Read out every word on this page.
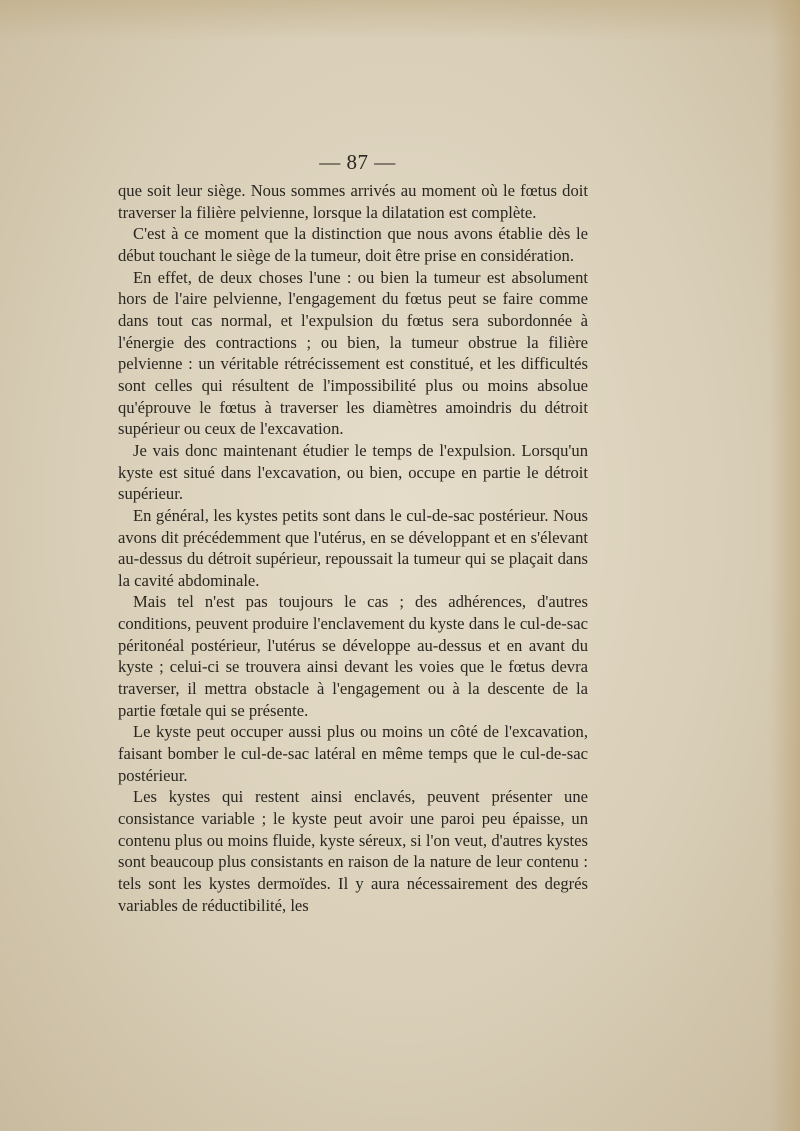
— 87 —

que soit leur siège. Nous sommes arrivés au moment où le fœtus doit traverser la filière pelvienne, lorsque la dilatation est complète.

C'est à ce moment que la distinction que nous avons établie dès le début touchant le siège de la tumeur, doit être prise en considération.

En effet, de deux choses l'une : ou bien la tumeur est absolument hors de l'aire pelvienne, l'engagement du fœtus peut se faire comme dans tout cas normal, et l'expulsion du fœtus sera subordonnée à l'énergie des contractions ; ou bien, la tumeur obstrue la filière pelvienne : un véritable rétrécissement est constitué, et les difficultés sont celles qui résultent de l'impossibilité plus ou moins absolue qu'éprouve le fœtus à traverser les diamètres amoindris du détroit supérieur ou ceux de l'excavation.

Je vais donc maintenant étudier le temps de l'expulsion. Lorsqu'un kyste est situé dans l'excavation, ou bien, occupe en partie le détroit supérieur.

En général, les kystes petits sont dans le cul-de-sac postérieur. Nous avons dit précédemment que l'utérus, en se développant et en s'élevant au-dessus du détroit supérieur, repoussait la tumeur qui se plaçait dans la cavité abdominale.

Mais tel n'est pas toujours le cas ; des adhérences, d'autres conditions, peuvent produire l'enclavement du kyste dans le cul-de-sac péritonéal postérieur, l'utérus se développe au-dessus et en avant du kyste ; celui-ci se trouvera ainsi devant les voies que le fœtus devra traverser, il mettra obstacle à l'engagement ou à la descente de la partie fœtale qui se présente.

Le kyste peut occuper aussi plus ou moins un côté de l'excavation, faisant bomber le cul-de-sac latéral en même temps que le cul-de-sac postérieur.

Les kystes qui restent ainsi enclavés, peuvent présenter une consistance variable ; le kyste peut avoir une paroi peu épaisse, un contenu plus ou moins fluide, kyste séreux, si l'on veut, d'autres kystes sont beaucoup plus consistants en raison de la nature de leur contenu : tels sont les kystes dermoïdes. Il y aura nécessairement des degrés variables de réductibilité, les
